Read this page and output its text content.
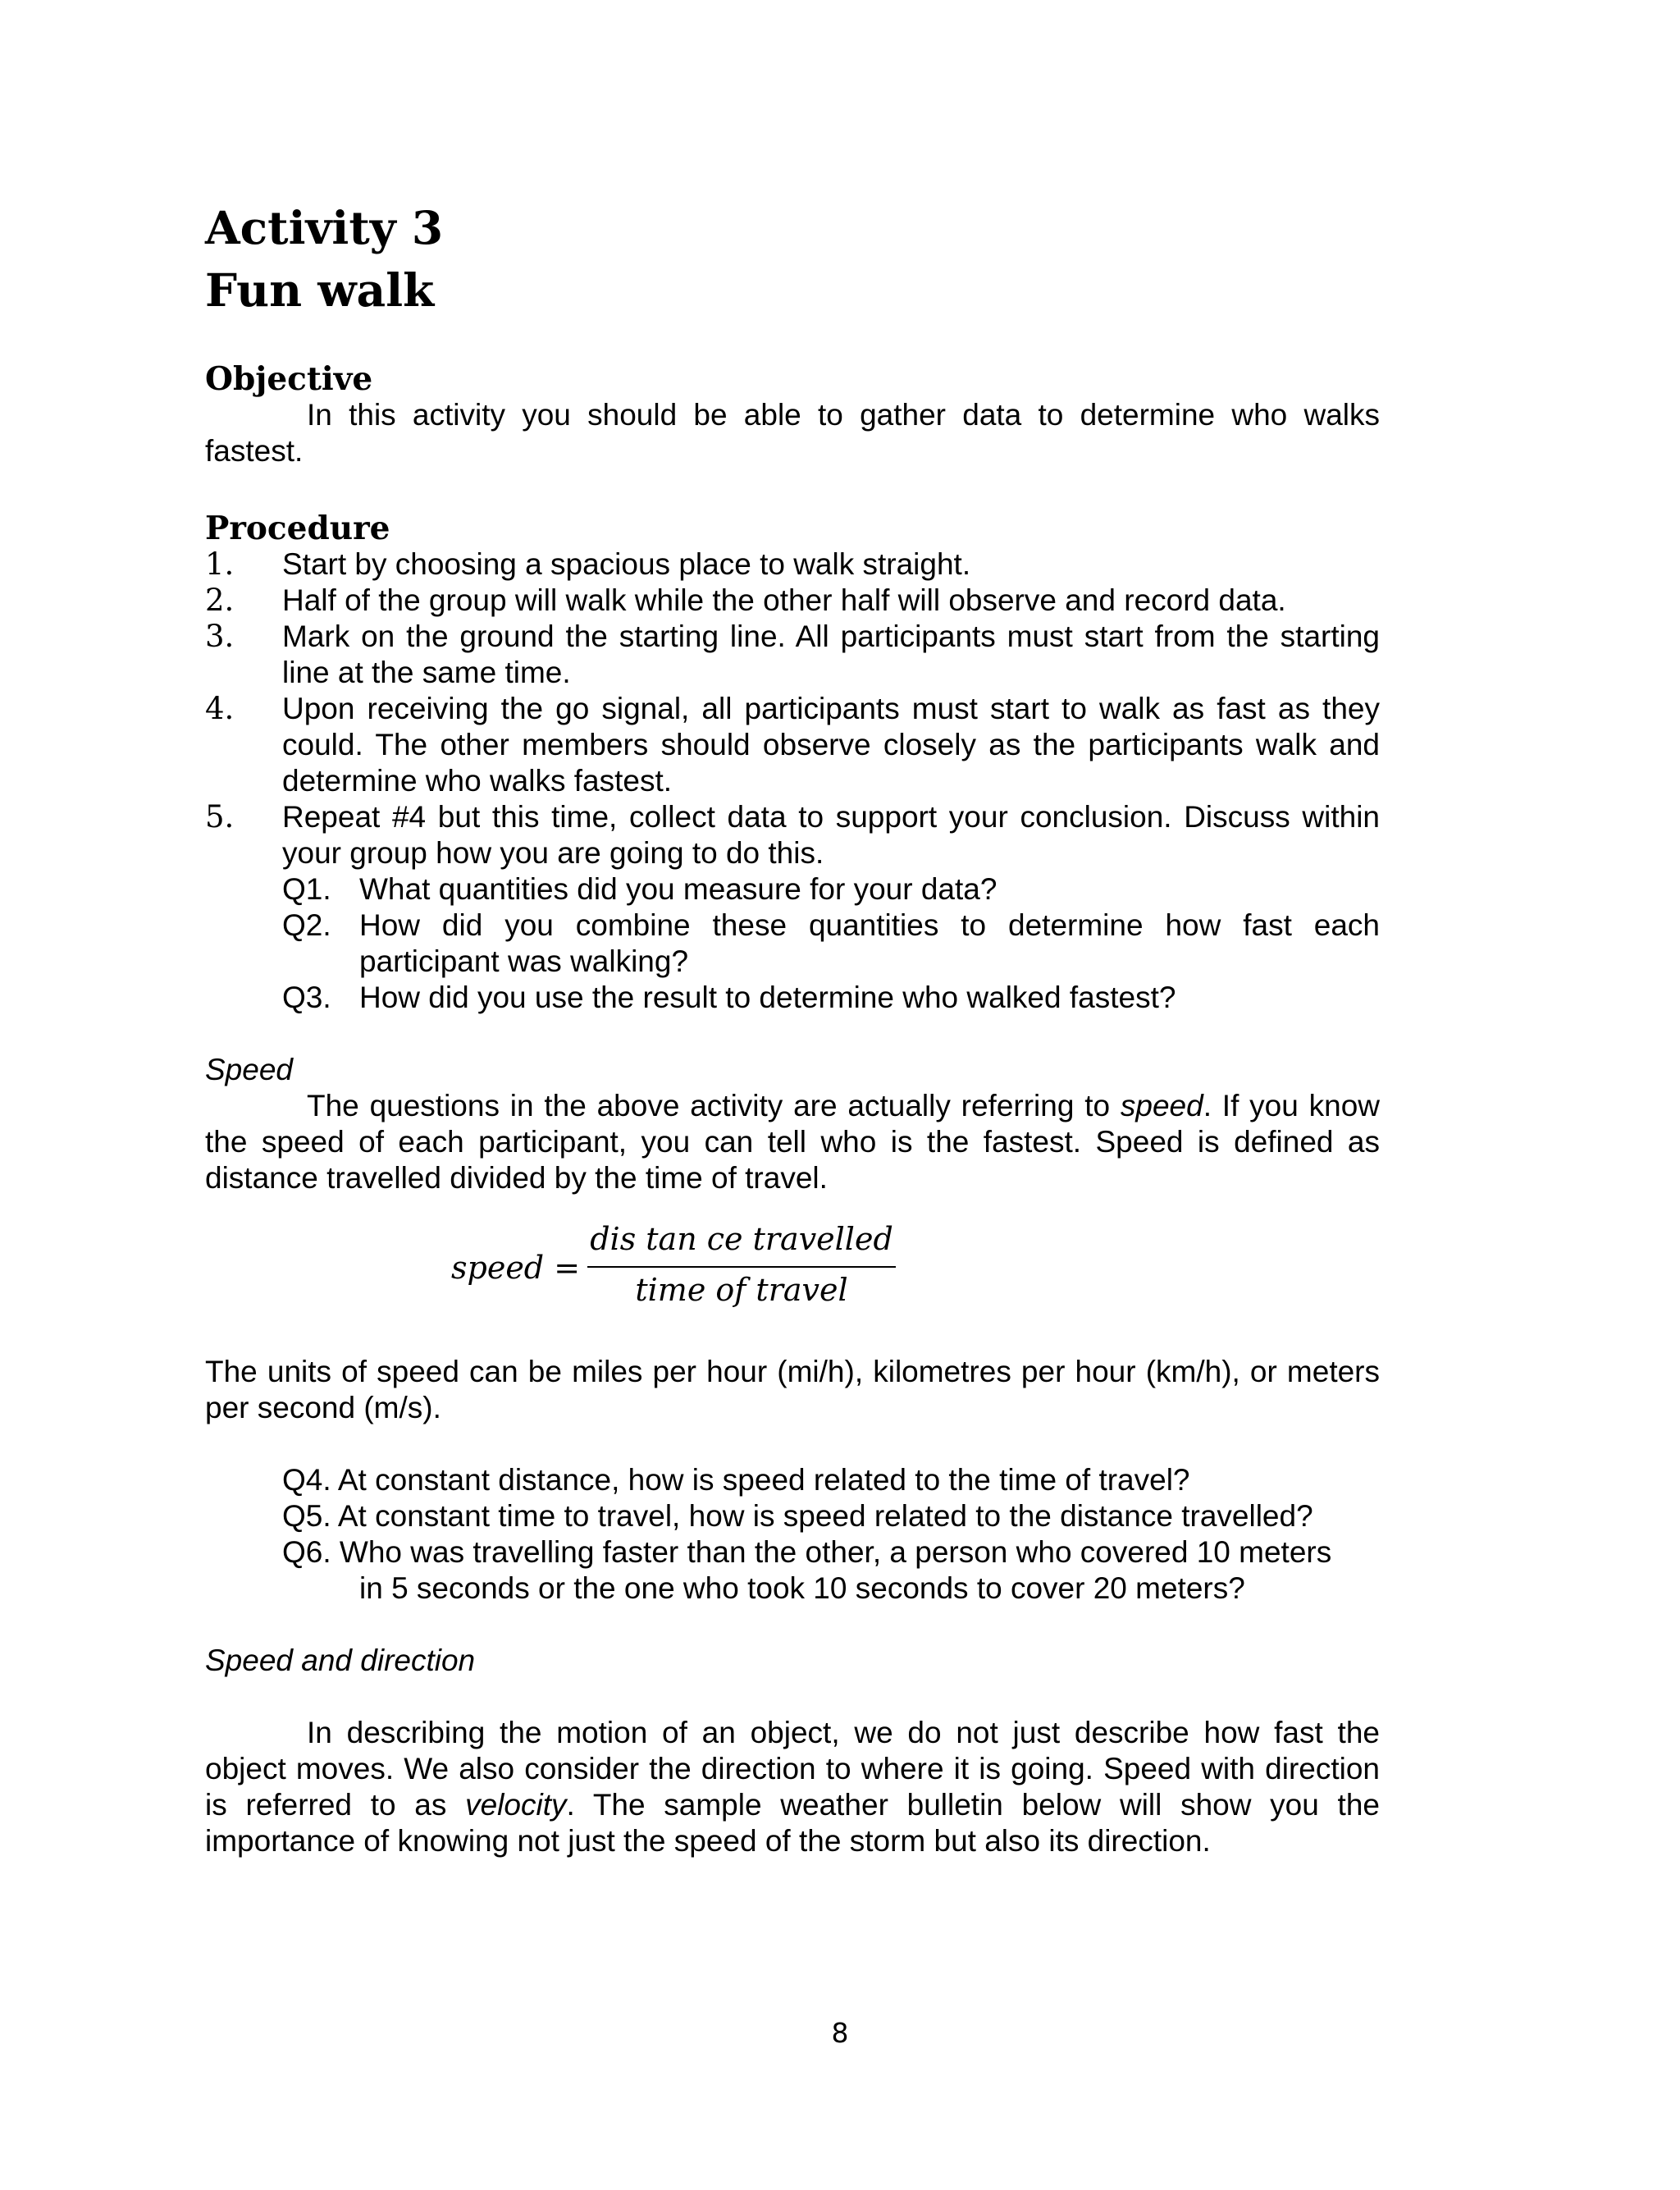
Activity 3
Fun walk
Objective

In this activity you should be able to gather data to determine who walks fastest.

Procedure
1. Start by choosing a spacious place to walk straight.
2. Half of the group will walk while the other half will observe and record data.
3. Mark on the ground the starting line. All participants must start from the starting line at the same time.
4. Upon receiving the go signal, all participants must start to walk as fast as they could. The other members should observe closely as the participants walk and determine who walks fastest.
5. Repeat #4 but this time, collect data to support your conclusion. Discuss within your group how you are going to do this.
Q1. What quantities did you measure for your data?
Q2. How did you combine these quantities to determine how fast each participant was walking?
Q3. How did you use the result to determine who walked fastest?

Speed

The questions in the above activity are actually referring to speed. If you know the speed of each participant, you can tell who is the fastest. Speed is defined as distance travelled divided by the time of travel.

speed =
dis tan ce travelled
time of travel

The units of speed can be miles per hour (mi/h), kilometres per hour (km/h), or meters per second (m/s).

Q4. At constant distance, how is speed related to the time of travel?
Q5. At constant time to travel, how is speed related to the distance travelled?
Q6. Who was travelling faster than the other, a person who covered 10 meters
in 5 seconds or the one who took 10 seconds to cover 20 meters?

Speed and direction

In describing the motion of an object, we do not just describe how fast the object moves. We also consider the direction to where it is going. Speed with direction is referred to as velocity. The sample weather bulletin below will show you the importance of knowing not just the speed of the storm but also its direction.

8
